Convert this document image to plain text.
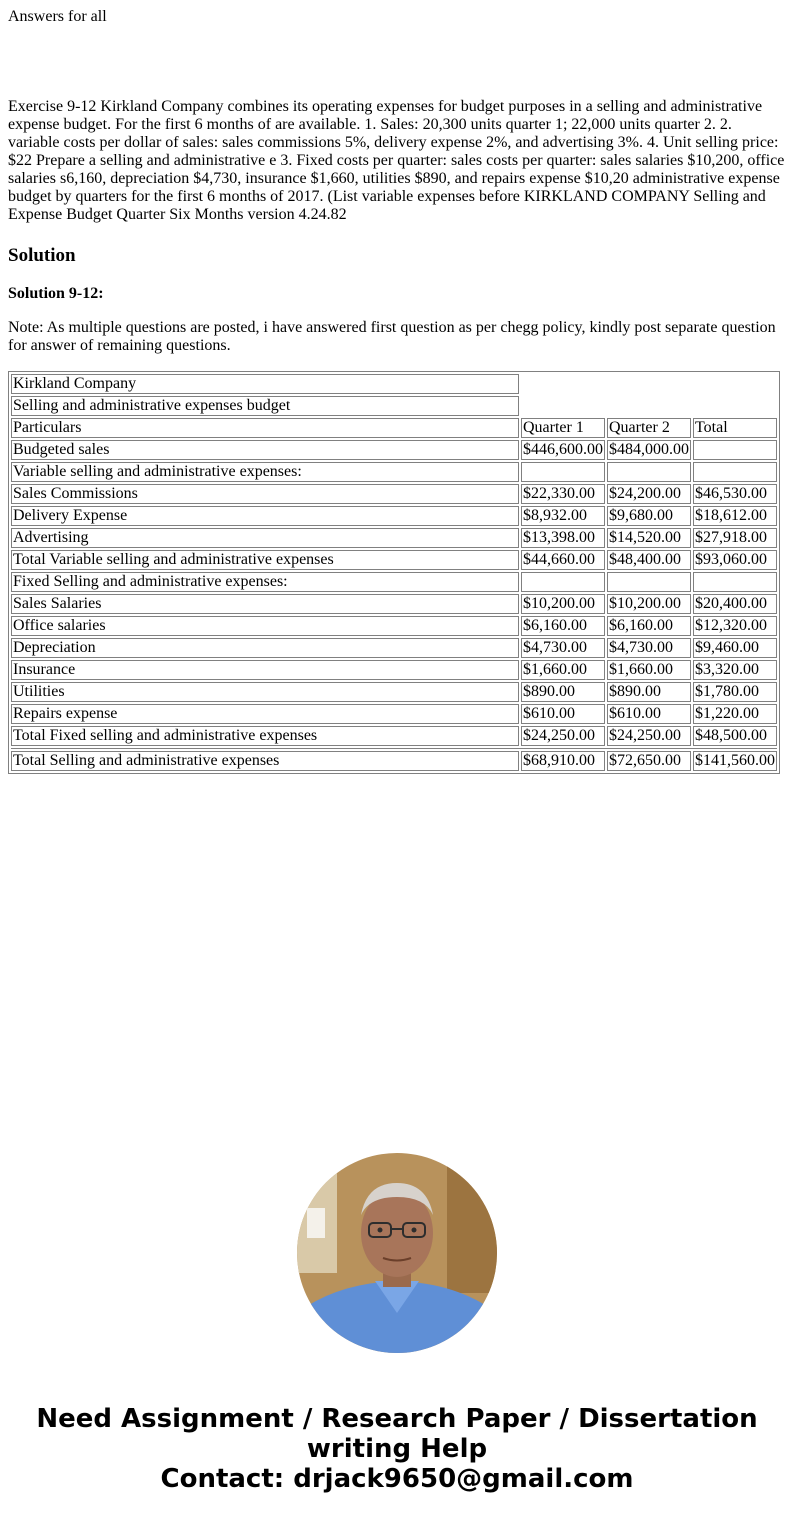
Answers for all

Exercise 9-12 Kirkland Company combines its operating expenses for budget purposes in a selling and administrative expense budget. For the first 6 months of are available. 1. Sales: 20,300 units quarter 1; 22,000 units quarter 2. 2. variable costs per dollar of sales: sales commissions 5%, delivery expense 2%, and advertising 3%. 4. Unit selling price: $22 Prepare a selling and administrative e 3. Fixed costs per quarter: sales costs per quarter: sales salaries $10,200, office salaries s6,160, depreciation $4,730, insurance $1,660, utilities $890, and repairs expense $10,20 administrative expense budget by quarters for the first 6 months of 2017. (List variable expenses before KIRKLAND COMPANY Selling and Expense Budget Quarter Six Months version 4.24.82

Solution
Solution 9-12:

Note: As multiple questions are posted, i have answered first question as per chegg policy, kindly post separate question for answer of remaining questions.

Kirkland Company			
Selling and administrative expenses budget			
Particulars	Quarter 1	Quarter 2	Total
Budgeted sales	$446,600.00	$484,000.00	
Variable selling and administrative expenses:			
Sales Commissions	$22,330.00	$24,200.00	$46,530.00
Delivery Expense	$8,932.00	$9,680.00	$18,612.00
Advertising	$13,398.00	$14,520.00	$27,918.00
Total Variable selling and administrative expenses	$44,660.00	$48,400.00	$93,060.00
Fixed Selling and administrative expenses:			
Sales Salaries	$10,200.00	$10,200.00	$20,400.00
Office salaries	$6,160.00	$6,160.00	$12,320.00
Depreciation	$4,730.00	$4,730.00	$9,460.00
Insurance	$1,660.00	$1,660.00	$3,320.00
Utilities	$890.00	$890.00	$1,780.00
Repairs expense	$610.00	$610.00	$1,220.00
Total Fixed selling and administrative expenses	$24,250.00	$24,250.00	$48,500.00

Total Selling and administrative expenses	$68,910.00	$72,650.00	$141,560.00
Need Assignment / Research Paper / Dissertation
writing Help
Contact: drjack9650@gmail.com
